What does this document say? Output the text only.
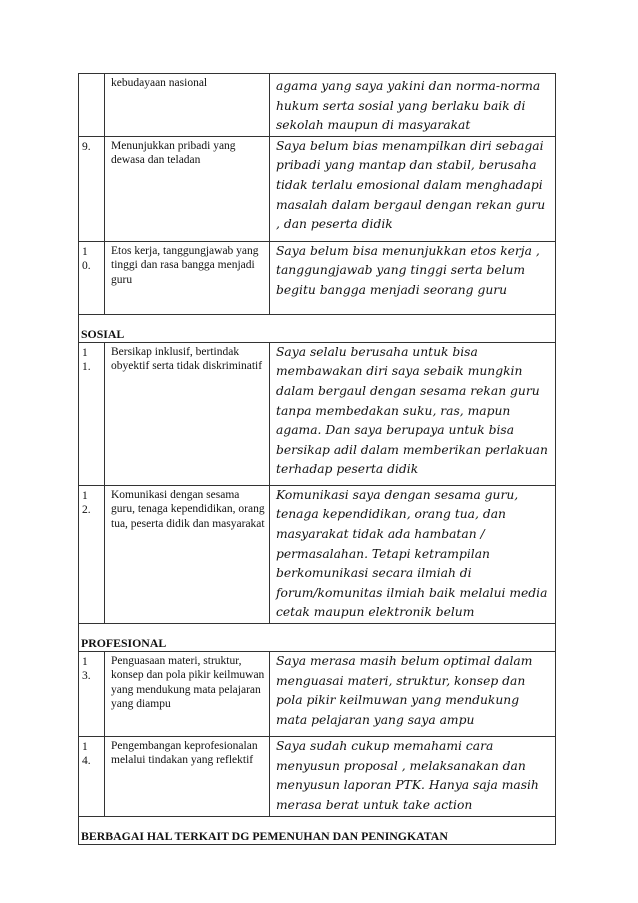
	kebudayaan nasional	agama yang saya yakini dan norma-norma hukum serta sosial yang berlaku baik di sekolah maupun di masyarakat

9.	Menunjukkan pribadi yang dewasa dan teladan	Saya belum bias menampilkan diri sebagai pribadi yang mantap dan stabil, berusaha tidak terlalu emosional dalam menghadapi masalah dalam bergaul dengan rekan guru , dan peserta didik

10.	Etos kerja, tanggungjawab yang tinggi dan rasa bangga menjadi guru	Saya belum bisa menunjukkan etos kerja , tanggungjawab yang tinggi serta belum begitu bangga menjadi seorang guru
SOSIAL		

11.	Bersikap inklusif, bertindak obyektif serta tidak diskriminatif	Saya selalu berusaha untuk bisa membawakan diri saya sebaik mungkin dalam bergaul dengan sesama rekan guru tanpa membedakan suku, ras, mapun agama. Dan saya berupaya untuk bisa bersikap adil dalam memberikan perlakuan terhadap peserta didik

12.	Komunikasi dengan sesama guru, tenaga kependidikan, orang tua, peserta didik dan masyarakat	Komunikasi saya dengan sesama guru, tenaga kependidikan, orang tua, dan masyarakat tidak ada hambatan / permasalahan. Tetapi ketrampilan berkomunikasi secara ilmiah di forum/komunitas ilmiah baik melalui media cetak maupun elektronik belum
PROFESIONAL		

13.	Penguasaan materi, struktur, konsep dan pola pikir keilmuwan yang mendukung mata pelajaran yang diampu	Saya merasa masih belum optimal dalam menguasai materi, struktur, konsep dan pola pikir keilmuwan yang mendukung mata pelajaran yang saya ampu

14.	Pengembangan keprofesionalan melalui tindakan yang reflektif	Saya sudah cukup memahami cara menyusun proposal , melaksanakan dan menyusun laporan PTK. Hanya saja masih merasa berat untuk take action
BERBAGAI HAL TERKAIT DG PEMENUHAN DAN PENINGKATAN		
